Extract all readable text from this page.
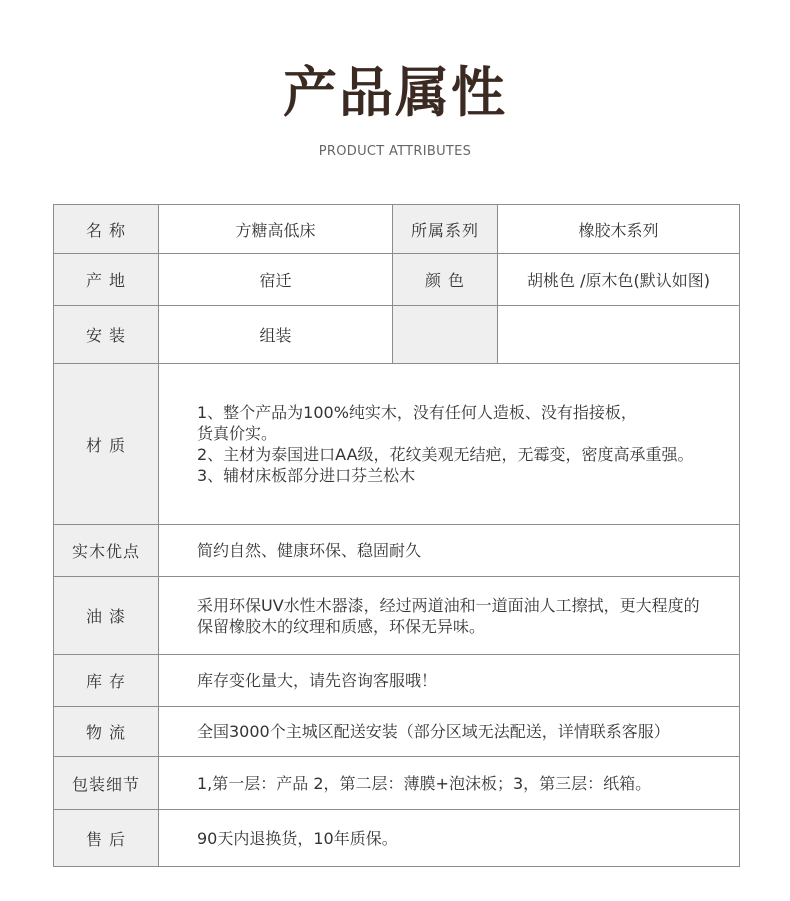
产品属性
PRODUCT ATTRIBUTES
名 称	方糖高低床	所属系列	橡胶木系列
产 地	宿迁	颜 色	胡桃色 /原木色(默认如图)
安 装	组装		
材 质	1、整个产品为100%纯实木，没有任何人造板、没有指接板，
货真价实。
2、主材为泰国进口AA级，花纹美观无结疤，无霉变，密度高承重强。
3、辅材床板部分进口芬兰松木		

实木优点	简约自然、健康环保、稳固耐久		
油 漆	采用环保UV水性木器漆，经过两道油和一道面油人工擦拭，更大程度的
保留橡胶木的纹理和质感，环保无异味。		

库 存	库存变化量大，请先咨询客服哦！		
物 流	全国3000个主城区配送安装（部分区域无法配送，详情联系客服）		
包装细节	1,第一层：产品 2，第二层：薄膜+泡沫板；3，第三层：纸箱。		
售 后	90天内退换货，10年质保。		
